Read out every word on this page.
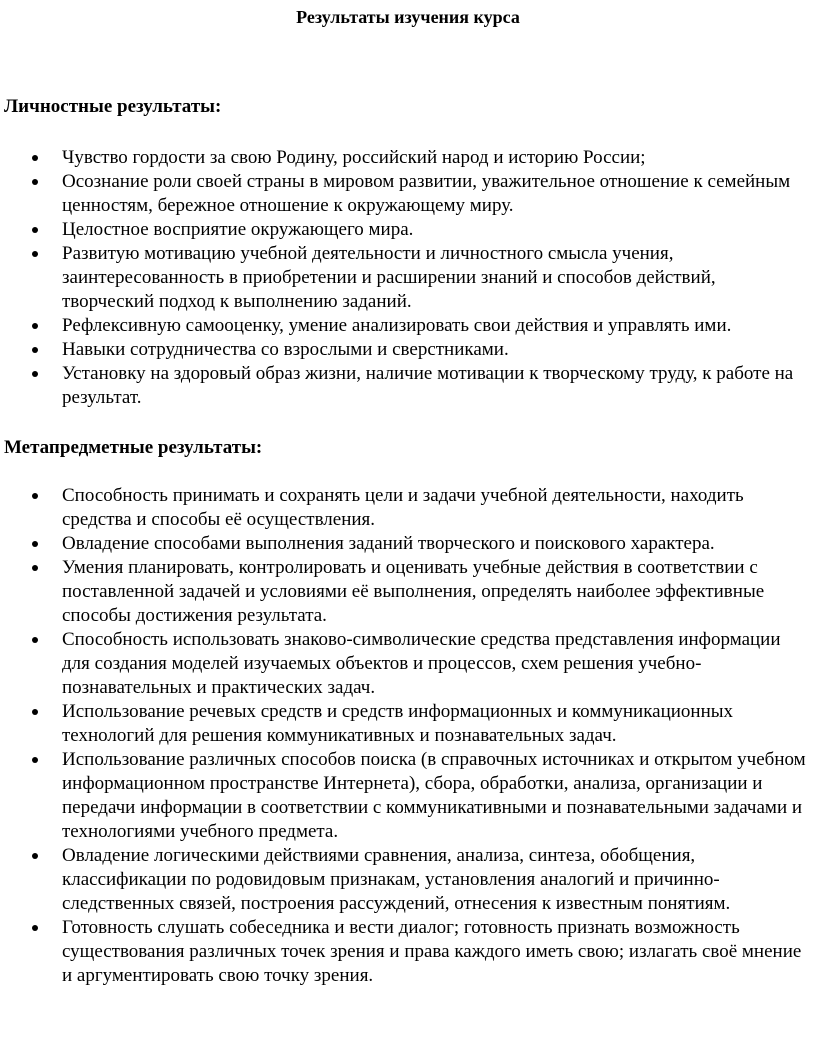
Результаты изучения курса
Личностные результаты:
Чувство гордости за свою Родину, российский народ и историю России;
Осознание роли своей страны в мировом развитии, уважительное отношение к семейным ценностям, бережное отношение к окружающему миру.
Целостное восприятие окружающего мира.
Развитую мотивацию учебной деятельности и личностного смысла учения, заинтересованность в приобретении и расширении знаний и способов действий, творческий подход к выполнению заданий.
Рефлексивную самооценку, умение анализировать свои действия и управлять ими.
Навыки сотрудничества со взрослыми и сверстниками.
Установку на здоровый образ жизни, наличие мотивации к творческому труду, к работе на результат.
Метапредметные результаты:
Способность принимать и сохранять цели и задачи учебной деятельности, находить средства и способы её осуществления.
Овладение способами выполнения заданий творческого и поискового характера.
Умения планировать, контролировать и оценивать учебные действия в соответствии с поставленной задачей и условиями её выполнения, определять наиболее эффективные способы достижения результата.
Способность использовать знаково-символические средства представления информации для создания моделей изучаемых объектов и процессов, схем решения учебно-познавательных и практических задач.
Использование речевых средств и средств информационных и коммуникационных технологий для решения коммуникативных и познавательных задач.
Использование различных способов поиска (в справочных источниках и открытом учебном информационном пространстве Интернета), сбора, обработки, анализа, организации и передачи информации в соответствии с коммуникативными и познавательными задачами и технологиями учебного предмета.
Овладение логическими действиями сравнения, анализа, синтеза, обобщения, классификации по родовидовым признакам, установления аналогий и причинно-следственных связей, построения рассуждений, отнесения к известным понятиям.
Готовность слушать собеседника и вести диалог; готовность признать возможность существования различных точек зрения и права каждого иметь свою; излагать своё мнение и аргументировать свою точку зрения.
